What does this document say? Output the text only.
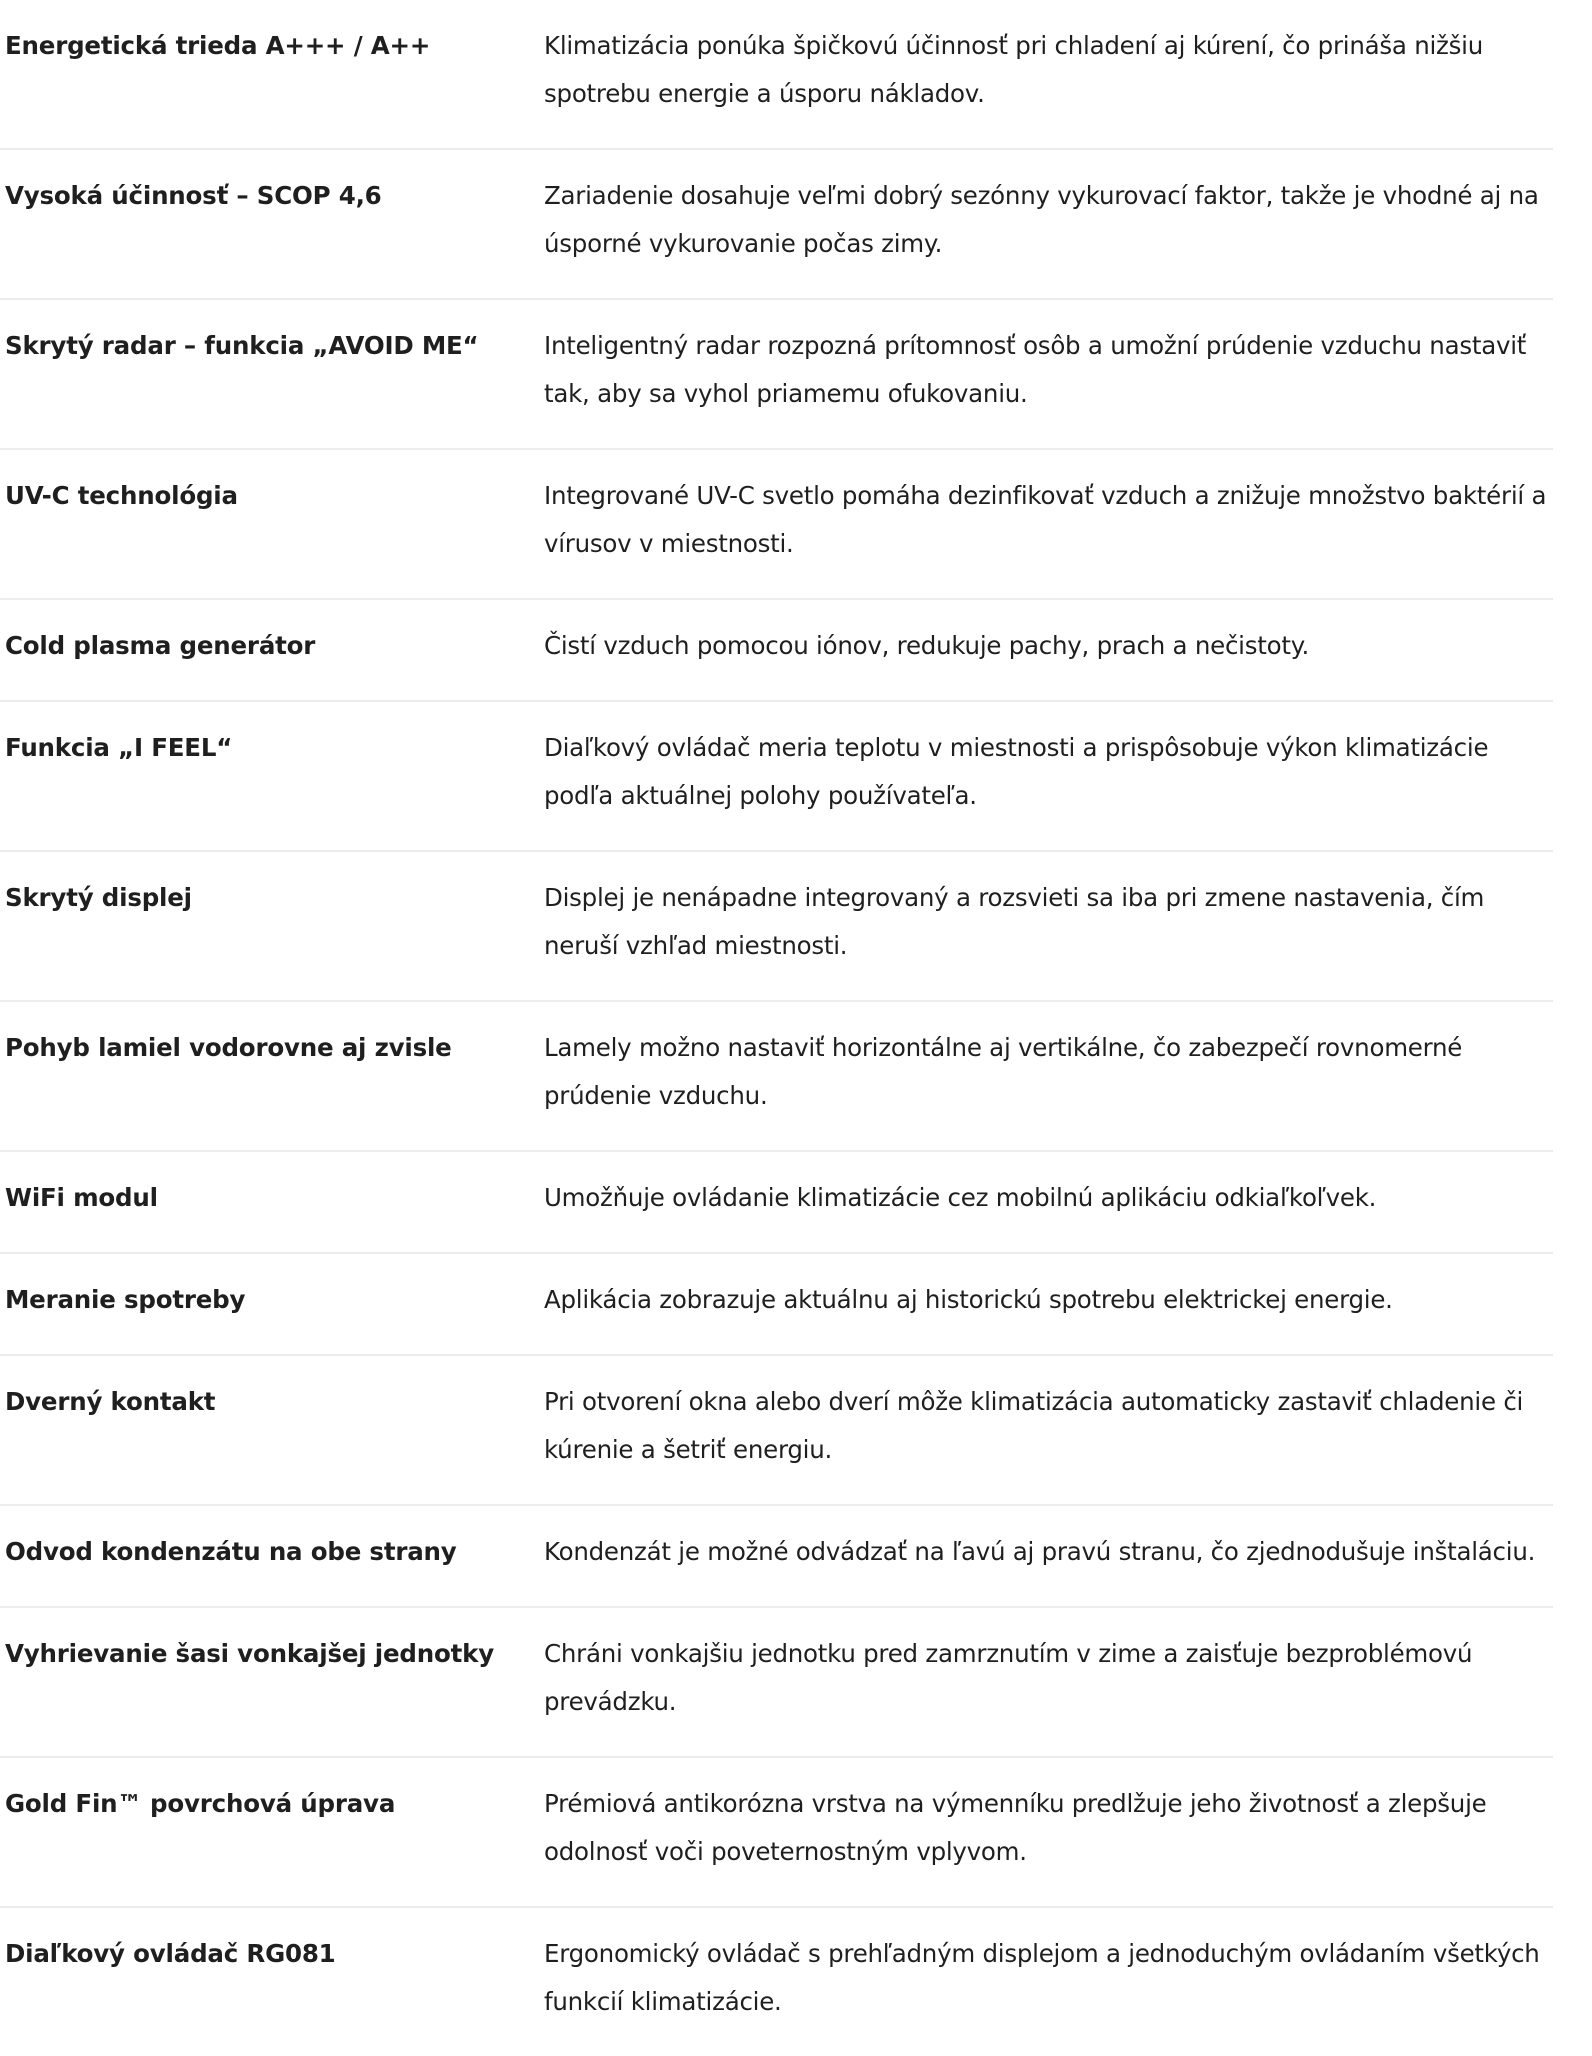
Energetická trieda A+++ / A++	Klimatizácia ponúka špičkovú účinnosť pri chladení aj kúrení, čo prináša nižšiu spotrebu energie a úsporu nákladov.
Vysoká účinnosť – SCOP 4,6	Zariadenie dosahuje veľmi dobrý sezónny vykurovací faktor, takže je vhodné aj na úsporné vykurovanie počas zimy.
Skrytý radar – funkcia „AVOID ME“	Inteligentný radar rozpozná prítomnosť osôb a umožní prúdenie vzduchu nastaviť tak, aby sa vyhol priamemu ofukovaniu.
UV-C technológia	Integrované UV-C svetlo pomáha dezinfikovať vzduch a znižuje množstvo baktérií a vírusov v miestnosti.
Cold plasma generátor	Čistí vzduch pomocou iónov, redukuje pachy, prach a nečistoty.
Funkcia „I FEEL“	Diaľkový ovládač meria teplotu v miestnosti a prispôsobuje výkon klimatizácie podľa aktuálnej polohy používateľa.
Skrytý displej	Displej je nenápadne integrovaný a rozsvieti sa iba pri zmene nastavenia, čím neruší vzhľad miestnosti.
Pohyb lamiel vodorovne aj zvisle	Lamely možno nastaviť horizontálne aj vertikálne, čo zabezpečí rovnomerné prúdenie vzduchu.
WiFi modul	Umožňuje ovládanie klimatizácie cez mobilnú aplikáciu odkiaľkoľvek.
Meranie spotreby	Aplikácia zobrazuje aktuálnu aj historickú spotrebu elektrickej energie.
Dverný kontakt	Pri otvorení okna alebo dverí môže klimatizácia automaticky zastaviť chladenie či kúrenie a šetriť energiu.
Odvod kondenzátu na obe strany	Kondenzát je možné odvádzať na ľavú aj pravú stranu, čo zjednodušuje inštaláciu.
Vyhrievanie šasi vonkajšej jednotky	Chráni vonkajšiu jednotku pred zamrznutím v zime a zaisťuje bezproblémovú prevádzku.
Gold Fin™ povrchová úprava	Prémiová antikorózna vrstva na výmenníku predlžuje jeho životnosť a zlepšuje odolnosť voči poveternostným vplyvom.
Diaľkový ovládač RG081	Ergonomický ovládač s prehľadným displejom a jednoduchým ovládaním všetkých funkcií klimatizácie.
